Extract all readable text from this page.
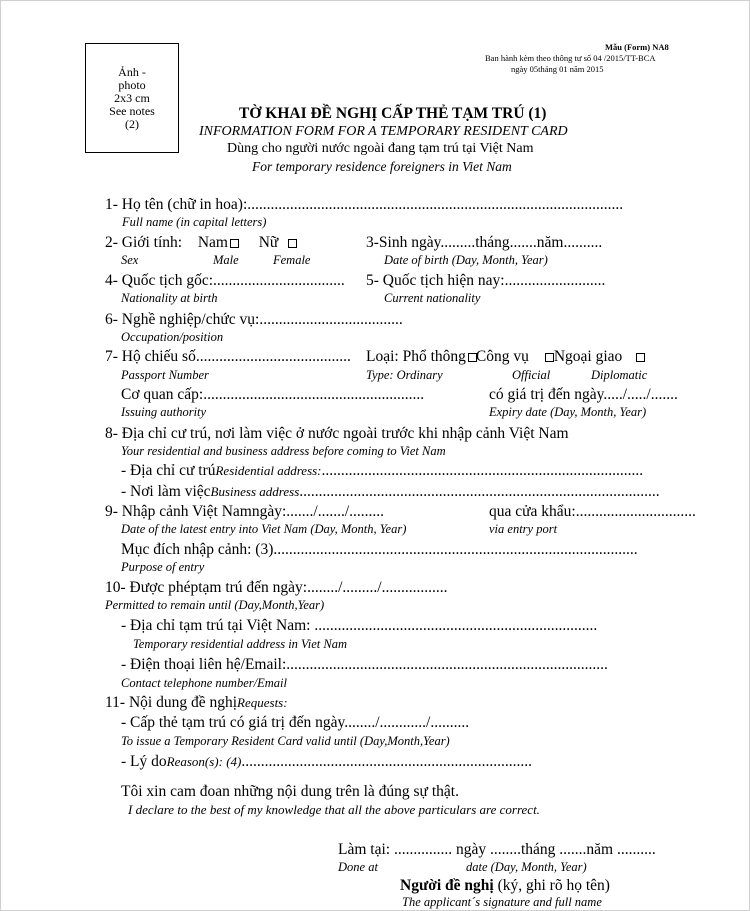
Mẫu (Form) NA8
Ban hành kèm theo thông tư số 04 /2015/TT-BCA
ngày 05tháng 01 năm 2015
Ảnh -
photo
2x3 cm
See notes
(2)
TỜ KHAI ĐỀ NGHỊ CẤP THẺ TẠM TRÚ (1)
INFORMATION FORM FOR A TEMPORARY RESIDENT CARD
Dùng cho người nước ngoài đang tạm trú tại Việt Nam
For temporary residence foreigners in Viet Nam
1- Họ tên (chữ in hoa):.................................................................................................
Full name (in capital letters)
2- Giới tính: Nam Nữ
Sex	Male	Female
3-Sinh ngày.........tháng.......năm..........
Date of birth (Day, Month, Year)
4- Quốc tịch gốc:..................................
Nationality at birth
5- Quốc tịch hiện nay:..........................
Current nationality
6- Nghề nghiệp/chức vụ:.....................................
Occupation/position
7- Hộ chiếu số........................................ Loại: Phổ thông Công vụ Ngoại giao
Passport Number	Type: Ordinary	Official	Diplomatic
Cơ quan cấp:.........................................................	có giá trị đến ngày...../...../.......
Issuing authority	Expiry date (Day, Month, Year)
8- Địa chỉ cư trú, nơi làm việc ở nước ngoài trước khi nhập cảnh Việt Nam
Your residential and business address before coming to Viet Nam
- Địa chỉ cư trúResidential address:...................................................................................
- Nơi làm việcBusiness address.............................................................................................
9- Nhập cảnh Việt Namngày:......./......./.........	qua cửa khẩu:...............................
Date of the latest entry into Viet Nam (Day, Month, Year)	via entry port
Mục đích nhập cảnh: (3)..............................................................................................
Purpose of entry
10- Được phéptạm trú đến ngày:......../........./.................
Permitted to remain until (Day,Month,Year)
- Địa chỉ tạm trú tại Việt Nam: .........................................................................
Temporary residential address in Viet Nam
- Điện thoại liên hệ/Email:...................................................................................
Contact telephone number/Email
11- Nội dung đề nghịRequests:
- Cấp thẻ tạm trú có giá trị đến ngày......../............/..........
To issue a Temporary Resident Card valid until (Day,Month,Year)
- Lý doReason(s): (4)...........................................................................
Tôi xin cam đoan những nội dung trên là đúng sự thật.
I declare to the best of my knowledge that all the above particulars are correct.
Làm tại: ............... ngày ........tháng .......năm ..........
Done at	date (Day, Month, Year)
Người đề nghị (ký, ghi rõ họ tên)
The applicant´s signature and full name
